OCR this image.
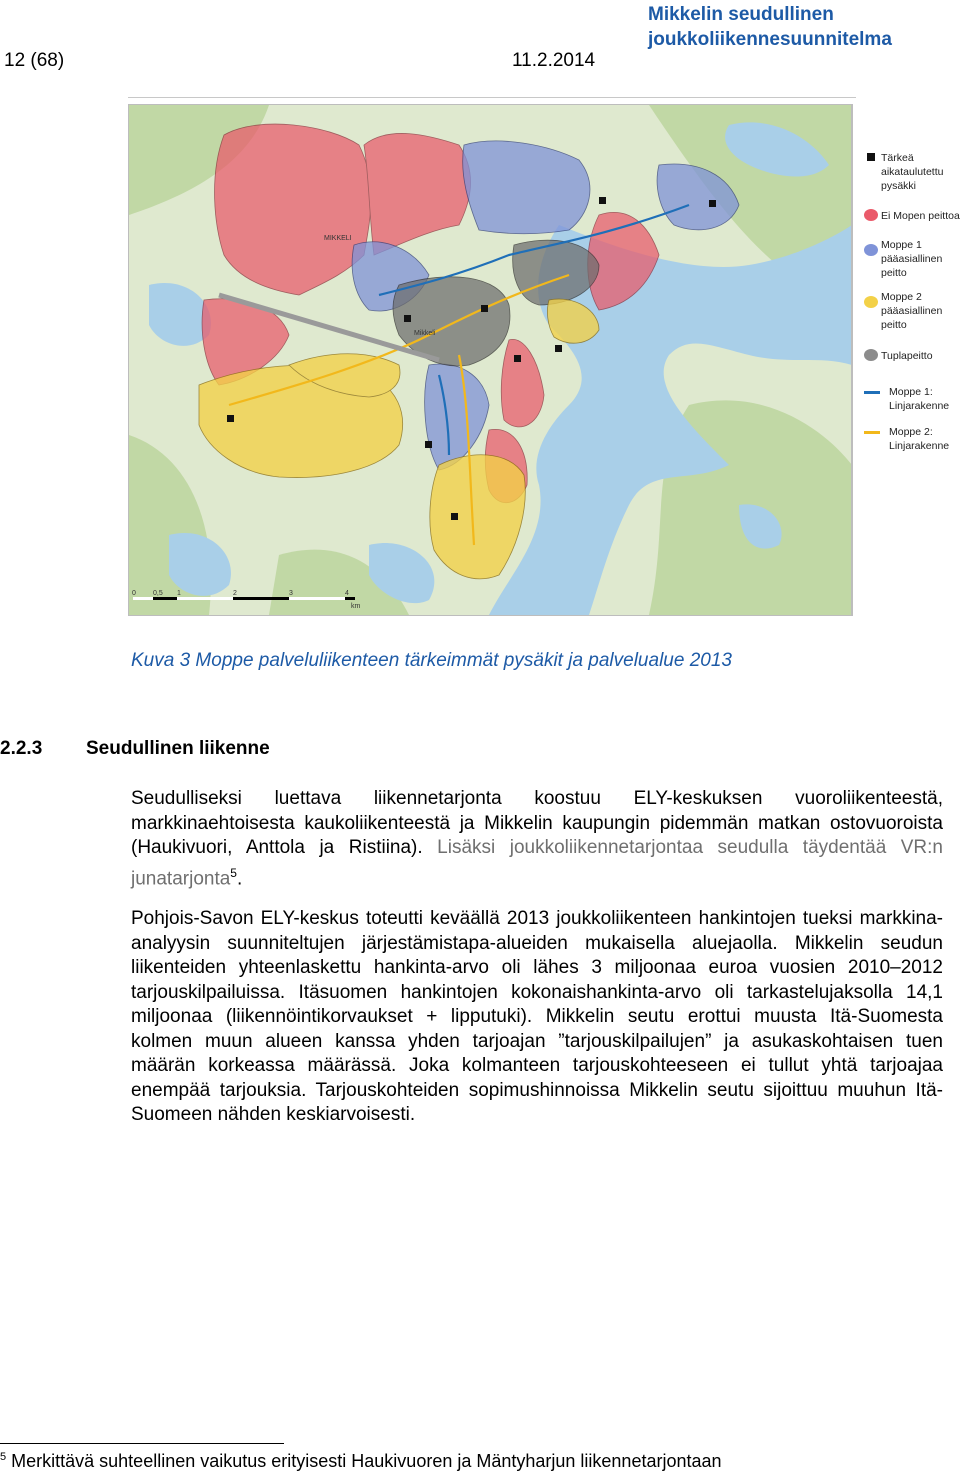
12 (68)	11.2.2014
Mikkelin seudullinen
joukkoliikennesuunnitelma
MIKKELI
Mikkeli
0 0,5 1	2	3	4
km
Tärkeä
aikataulutettu
pysäkki
Ei Mopen peittoa
Moppe 1
pääasiallinen
peitto
Moppe 2
pääasiallinen
peitto
Tuplapeitto
Moppe 1:
Linjarakenne
Moppe 2:
Linjarakenne
Kuva 3 Moppe palveluliikenteen tärkeimmät pysäkit ja palvelualue 2013
2.2.3 Seudullinen liikenne
Seudulliseksi luettava liikennetarjonta koostuu ELY-keskuksen vuoroliikenteestä, markkinaehtoisesta kaukoliikenteestä ja Mikkelin kaupungin pidemmän matkan ostovuoroista (Haukivuori, Anttola ja Ristiina). Lisäksi joukkoliikennetarjontaa seudulla täydentää VR:n junatarjonta$^5$.
Pohjois-Savon ELY-keskus toteutti keväällä 2013 joukkoliikenteen hankintojen tueksi markkina-analyysin suunniteltujen järjestämistapa-alueiden mukaisella aluejaolla. Mikkelin seudun liikenteiden yhteenlaskettu hankinta-arvo oli lähes 3 miljoonaa euroa vuosien 2010–2012 tarjouskilpailuissa. Itäsuomen hankintojen kokonaishankinta-arvo oli tarkastelujaksolla 14,1 miljoonaa (liikennöintikorvaukset + lipputuki). Mikkelin seutu erottui muusta Itä-Suomesta kolmen muun alueen kanssa yhden tarjoajan ”tarjouskilpailujen” ja asukaskohtaisen tuen määrän korkeassa määrässä. Joka kolmanteen tarjouskohteeseen ei tullut yhtä tarjoajaa enempää tarjouksia. Tarjouskohteiden sopimushinnoissa Mikkelin seutu sijoittuu muuhun Itä-Suomeen nähden keskiarvoisesti.
$^5$ Merkittävä suhteellinen vaikutus erityisesti Haukivuoren ja Mäntyharjun liikennetarjontaan
